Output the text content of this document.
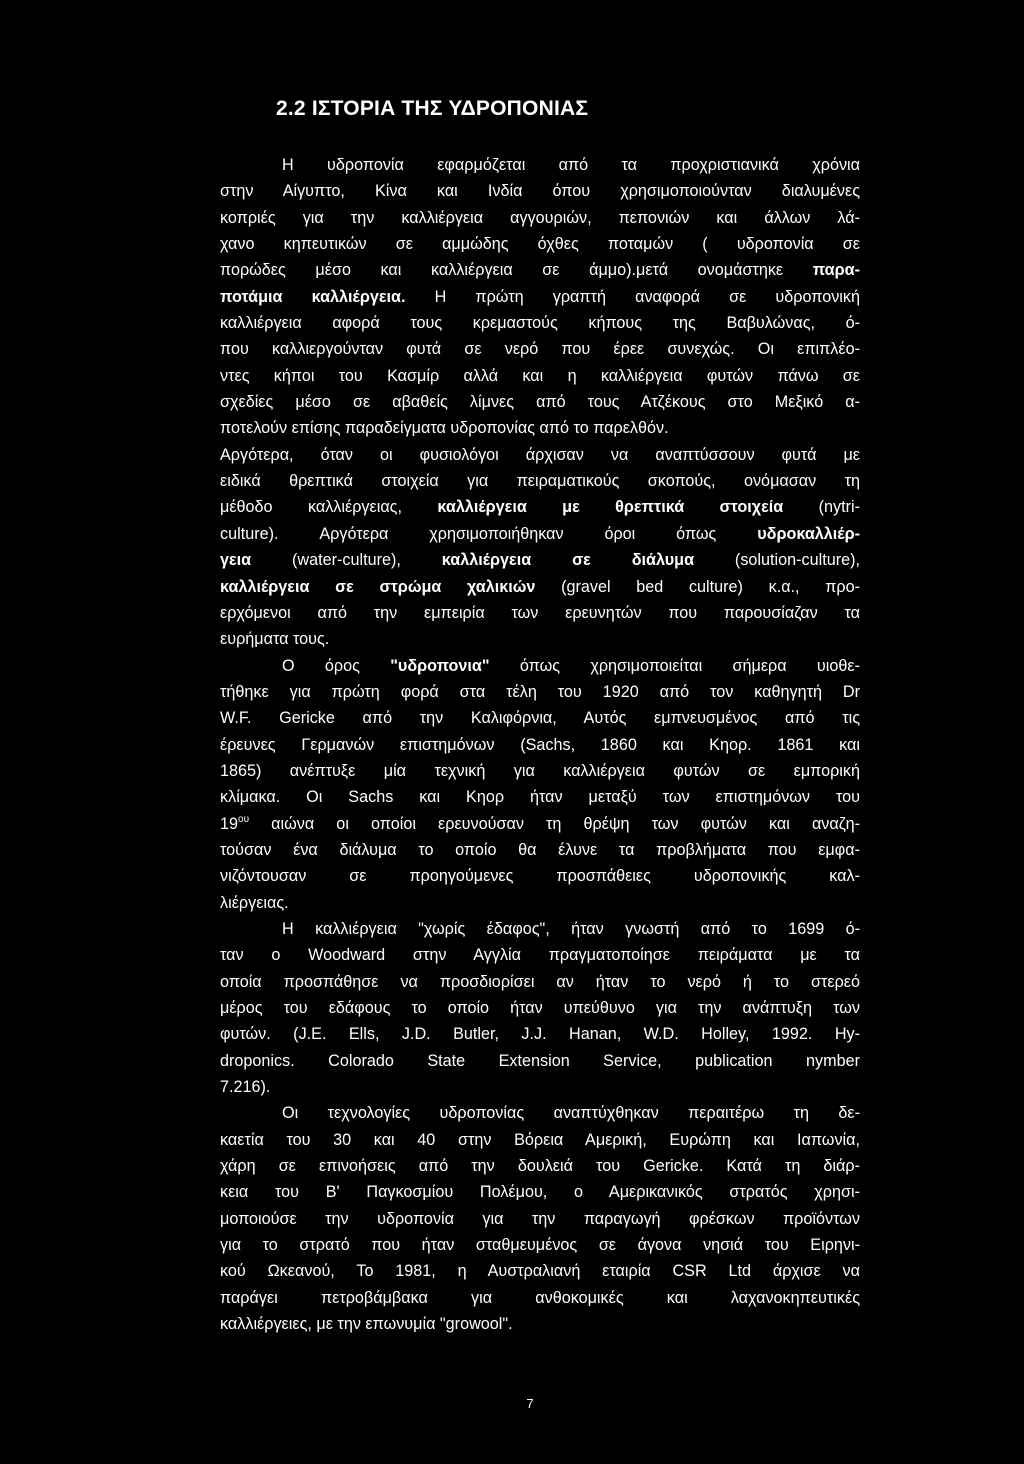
2.2 ΙΣΤΟΡΙΑ ΤΗΣ ΥΔΡΟΠΟΝΙΑΣ
Η υδροπονία εφαρμόζεται από τα προχριστιανικά χρόνια
στην Αίγυπτο, Κίνα και Ινδία όπου χρησιμοποιούνταν διαλυμένες
κοπριές για την καλλιέργεια αγγουριών, πεπονιών και άλλων λά-
χανο κηπευτικών σε αμμώδης όχθες ποταμών ( υδροπονία σε
πορώδες μέσο και καλλιέργεια σε άμμο).μετά ονομάστηκε παρα-
ποτάμια καλλιέργεια. Η πρώτη γραπτή αναφορά σε υδροπονική
καλλιέργεια αφορά τους κρεμαστούς κήπους της Βαβυλώνας, ό-
που καλλιεργούνταν φυτά σε νερό που έρεε συνεχώς. Οι επιπλέο-
ντες κήποι του Κασμίρ αλλά και η καλλιέργεια φυτών πάνω σε
σχεδίες μέσο σε αβαθείς λίμνες από τους Ατζέκους στο Μεξικό α-
ποτελούν επίσης παραδείγματα υδροπονίας από το παρελθόν.
Αργότερα, όταν οι φυσιολόγοι άρχισαν να αναπτύσσουν φυτά με
ειδικά θρεπτικά στοιχεία για πειραματικούς σκοπούς, ονόμασαν τη
μέθοδο καλλιέργειας, καλλιέργεια με θρεπτικά στοιχεία (nytri-
culture). Αργότερα χρησιμοποιήθηκαν όροι όπως υδροκαλλιέρ-
γεια (water-culture), καλλιέργεια σε διάλυμα (solution-culture),
καλλιέργεια σε στρώμα χαλικιών (gravel bed culture) κ.α., προ-
ερχόμενοι από την εμπειρία των ερευνητών που παρουσίαζαν τα
ευρήματα τους.
Ο όρος "υδροπονια" όπως χρησιμοποιείται σήμερα υιοθε-
τήθηκε για πρώτη φορά στα τέλη του 1920 από τον καθηγητή Dr
W.F. Gericke από την Καλιφόρνια, Αυτός εμπνευσμένος από τις
έρευνες Γερμανών επιστημόνων (Sachs, 1860 και Κηορ. 1861 και
1865) ανέπτυξε μία τεχνική για καλλιέργεια φυτών σε εμπορική
κλίμακα. Οι Sachs και Κηορ ήταν μεταξύ των επιστημόνων του
$19^{o\upsilon}$ αιώνα οι οποίοι ερευνούσαν τη θρέψη των φυτών και αναζη-
τούσαν ένα διάλυμα το οποίο θα έλυνε τα προβλήματα που εμφα-
νιζόντουσαν σε προηγούμενες προσπάθειες υδροπονικής καλ-
λιέργειας.
Η καλλιέργεια "χωρίς έδαφος", ήταν γνωστή από το 1699 ό-
ταν ο Woodward στην Αγγλία πραγματοποίησε πειράματα με τα
οποία προσπάθησε να προσδιορίσει αν ήταν το νερό ή το στερεό
μέρος του εδάφους το οποίο ήταν υπεύθυνο για την ανάπτυξη των
φυτών. (J.E. Ells, J.D. Butler, J.J. Hanan, W.D. Holley, 1992. Hy-
droponics. Colorado State Extension Service, publication nymber
7.216).
Οι τεχνολογίες υδροπονίας αναπτύχθηκαν περαιτέρω τη δε-
καετία του 30 και 40 στην Βόρεια Αμερική, Ευρώπη και Ιαπωνία,
χάρη σε επινοήσεις από την δουλειά του Gericke. Κατά τη διάρ-
κεια του Β' Παγκοσμίου Πολέμου, ο Αμερικανικός στρατός χρησι-
μοποιούσε την υδροπονία για την παραγωγή φρέσκων προϊόντων
για το στρατό που ήταν σταθμευμένος σε άγονα νησιά του Ειρηνι-
κού Ωκεανού, Το 1981, η Αυστραλιανή εταιρία CSR Ltd άρχισε να
παράγει πετροβάμβακα για ανθοκομικές και λαχανοκηπευτικές
καλλιέργειες, με την επωνυμία "growool".
7
